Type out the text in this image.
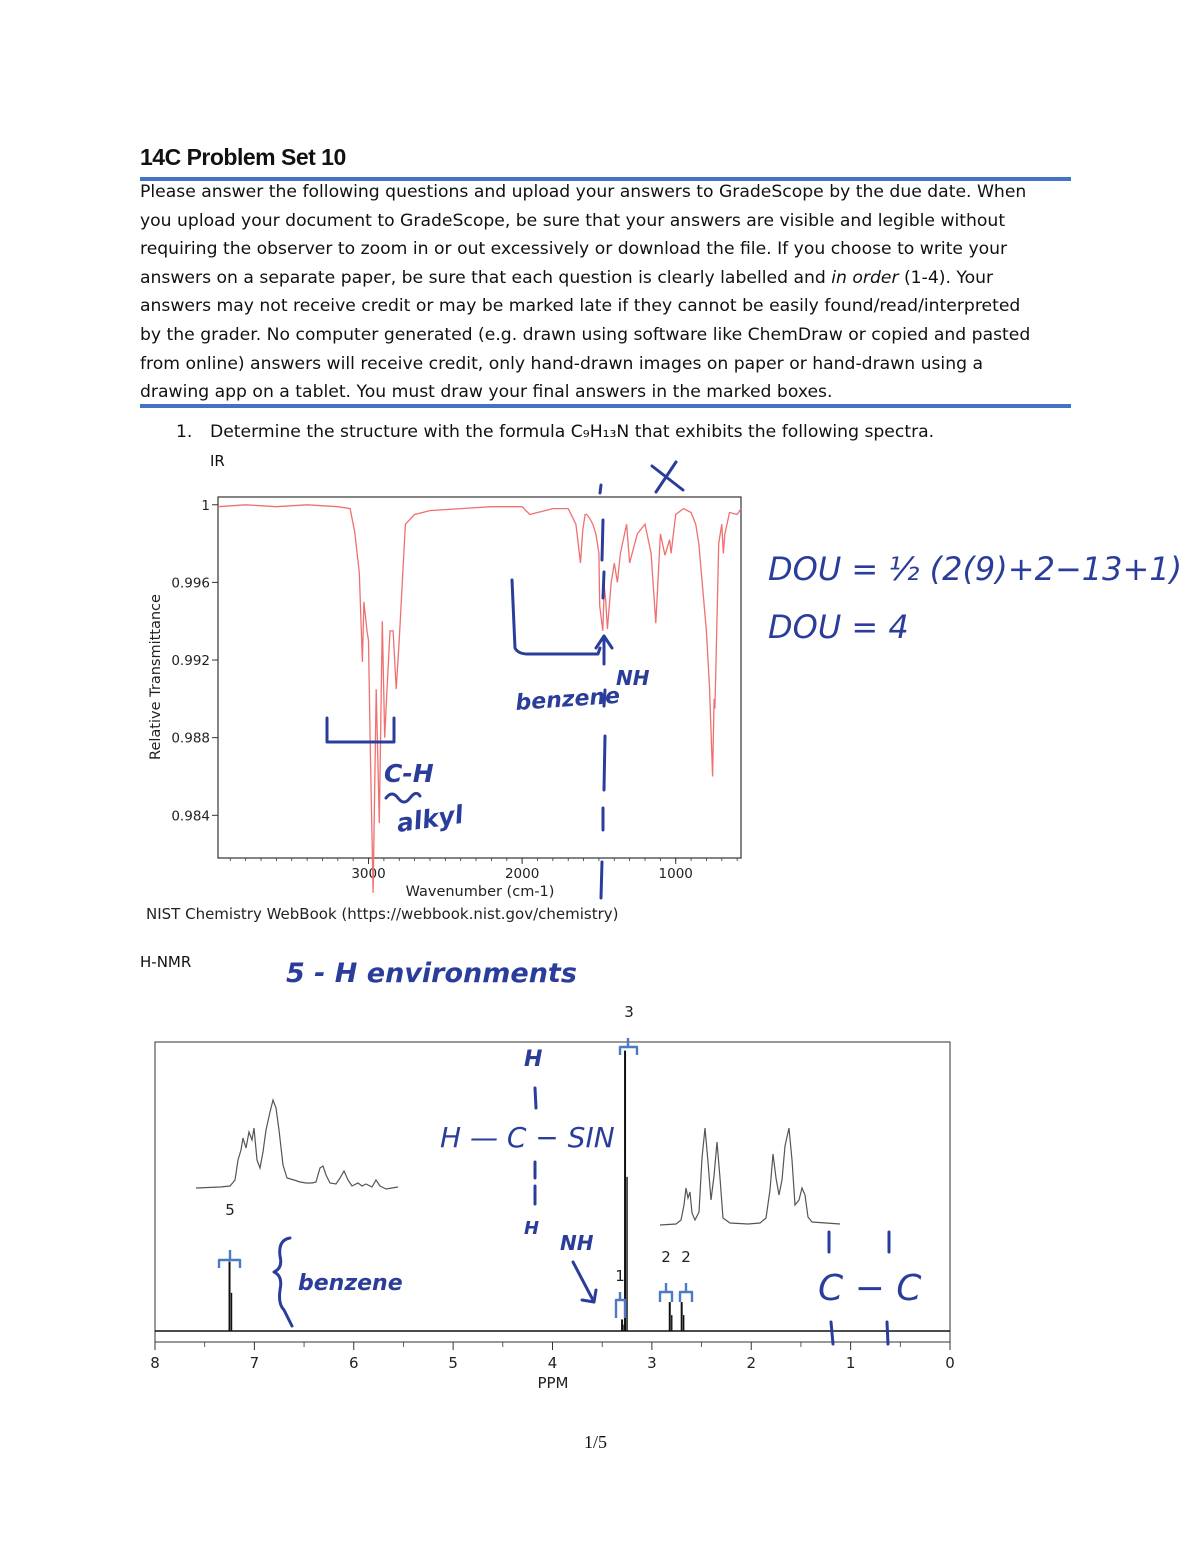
14C Problem Set 10
Please answer the following questions and upload your answers to GradeScope by the due date. When
you upload your document to GradeScope, be sure that your answers are visible and legible without
requiring the observer to zoom in or out excessively or download the file. If you choose to write your
answers on a separate paper, be sure that each question is clearly labelled and in order (1-4). Your
answers may not receive credit or may be marked late if they cannot be easily found/read/interpreted
by the grader. No computer generated (e.g. drawn using software like ChemDraw or copied and pasted
from online) answers will receive credit, only hand-drawn images on paper or hand-drawn using a
drawing app on a tablet. You must draw your final answers in the marked boxes.
1. Determine the structure with the formula C₉H₁₃N that exhibits the following spectra.
IR
NIST Chemistry WebBook (https://webbook.nist.gov/chemistry)
H-NMR
1/5
3000	2000	1000
0.984
0.988
0.992
0.996
1
Wavenumber (cm-1)
Relative Transmittance
8	7	6	5	4	3	2	1	0
PPM
5
1
3
2 2
NH
benzene
C-H
alkyl
DOU = ½ (2(9)+2−13+1)
DOU = 4
5 - H environments
benzene
H
H — C − SIN
H
NH
C − C
